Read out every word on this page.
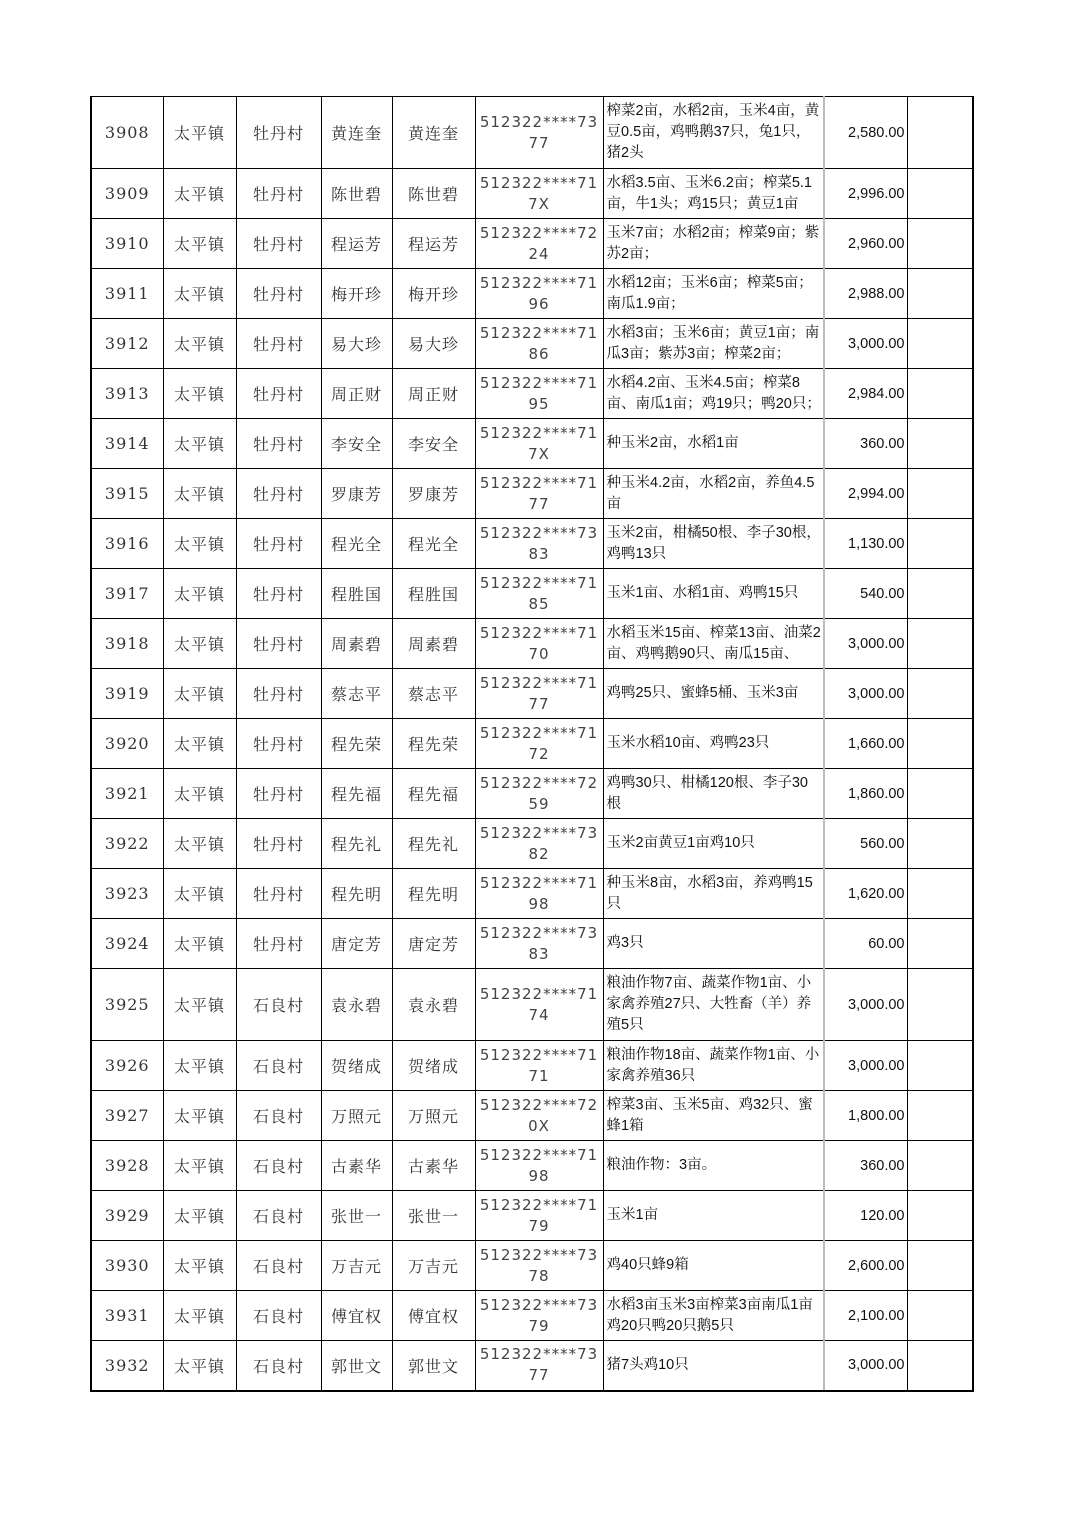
3908	太平镇	牡丹村	黄连奎	黄连奎	512322****7377	榨菜2亩，水稻2亩，玉米4亩，黄豆0.5亩，鸡鸭鹅37只，兔1只，猪2头	2,580.00	
3909	太平镇	牡丹村	陈世碧	陈世碧	512322****717X	水稻3.5亩、玉米6.2亩；榨菜5.1亩，牛1头；鸡15只；黄豆1亩	2,996.00	
3910	太平镇	牡丹村	程运芳	程运芳	512322****7224	玉米7亩；水稻2亩；榨菜9亩；紫苏2亩；	2,960.00	
3911	太平镇	牡丹村	梅开珍	梅开珍	512322****7196	水稻12亩；玉米6亩；榨菜5亩；南瓜1.9亩；	2,988.00	
3912	太平镇	牡丹村	易大珍	易大珍	512322****7186	水稻3亩；玉米6亩；黄豆1亩；南瓜3亩；紫苏3亩；榨菜2亩；	3,000.00	
3913	太平镇	牡丹村	周正财	周正财	512322****7195	水稻4.2亩、玉米4.5亩；榨菜8亩、南瓜1亩；鸡19只；鸭20只；	2,984.00	
3914	太平镇	牡丹村	李安全	李安全	512322****717X	种玉米2亩，水稻1亩	360.00	
3915	太平镇	牡丹村	罗康芳	罗康芳	512322****7177	种玉米4.2亩，水稻2亩，养鱼4.5亩	2,994.00	
3916	太平镇	牡丹村	程光全	程光全	512322****7383	玉米2亩，柑橘50根、李子30根，鸡鸭13只	1,130.00	
3917	太平镇	牡丹村	程胜国	程胜国	512322****7185	玉米1亩、水稻1亩、鸡鸭15只	540.00	
3918	太平镇	牡丹村	周素碧	周素碧	512322****7170	水稻玉米15亩、榨菜13亩、油菜2亩、鸡鸭鹅90只、南瓜15亩、	3,000.00	
3919	太平镇	牡丹村	蔡志平	蔡志平	512322****7177	鸡鸭25只、蜜蜂5桶、玉米3亩	3,000.00	
3920	太平镇	牡丹村	程先荣	程先荣	512322****7172	玉米水稻10亩、鸡鸭23只	1,660.00	
3921	太平镇	牡丹村	程先福	程先福	512322****7259	鸡鸭30只、柑橘120根、李子30根	1,860.00	
3922	太平镇	牡丹村	程先礼	程先礼	512322****7382	玉米2亩黄豆1亩鸡10只	560.00	
3923	太平镇	牡丹村	程先明	程先明	512322****7198	种玉米8亩，水稻3亩，养鸡鸭15只	1,620.00	
3924	太平镇	牡丹村	唐定芳	唐定芳	512322****7383	鸡3只	60.00	
3925	太平镇	石良村	袁永碧	袁永碧	512322****7174	粮油作物7亩、蔬菜作物1亩、小家禽养殖27只、大牲畜（羊）养殖5只	3,000.00	
3926	太平镇	石良村	贺绪成	贺绪成	512322****7171	粮油作物18亩、蔬菜作物1亩、小家禽养殖36只	3,000.00	
3927	太平镇	石良村	万照元	万照元	512322****720X	榨菜3亩、玉米5亩、鸡32只、蜜蜂1箱	1,800.00	
3928	太平镇	石良村	古素华	古素华	512322****7198	粮油作物：3亩。	360.00	
3929	太平镇	石良村	张世一	张世一	512322****7179	玉米1亩	120.00	
3930	太平镇	石良村	万吉元	万吉元	512322****7378	鸡40只蜂9箱	2,600.00	
3931	太平镇	石良村	傅宜权	傅宜权	512322****7379	水稻3亩玉米3亩榨菜3亩南瓜1亩鸡20只鸭20只鹅5只	2,100.00	
3932	太平镇	石良村	郭世文	郭世文	512322****7377	猪7头鸡10只	3,000.00	
